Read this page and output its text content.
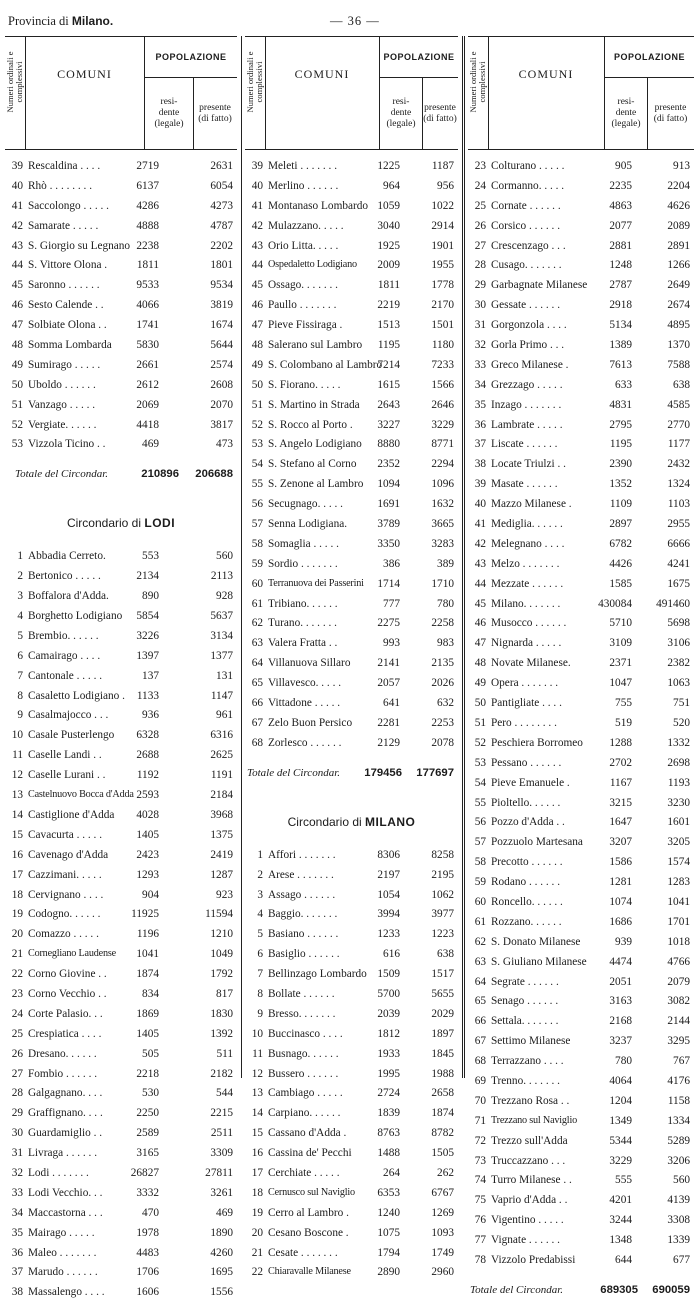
Provincia di Milano.	— 36 —
Numeri ordinali e complessivi	COMUNI
POPOLAZIONE
resi-
dente
(legale)
presente
(di fatto)
39 Rescaldina . . . .	2719	2631
40 Rhò . . . . . . . .	6137	6054
41 Saccolongo . . . . . 4286	4273
42 Samarate . . . . .	4888	4787
43 S. Giorgio su Legnano 2238	2202
44 S. Vittore Olona .	1811	1801
45 Saronno . . . . . .	9533	9534
46 Sesto Calende . .	4066	3819
47 Solbiate Olona . .	1741	1674
48 Somma Lombarda 5830	5644
49 Sumirago . . . . .	2661	2574
50 Uboldo . . . . . .	2612	2608
51 Vanzago . . . . .	2069	2070
52 Vergiate. . . . . .	4418	3817
53 Vizzola Ticino . .	469	473
Totale del Circondar.	210896 206688
Circondario di LODI
1 Abbadia Cerreto.	553	560
2 Bertonico . . . . .	2134	2113
3 Boffalora d'Adda.	890	928
4 Borghetto Lodigiano 5854	5637
5 Brembio. . . . . .	3226	3134
6 Camairago . . . .	1397	1377
7 Cantonale . . . . .	137	131
8 Casaletto Lodigiano . 1133	1147
9 Casalmajocco . . .	936	961
10 Casale Pusterlengo 6328	6316
11 Caselle Landi . .	2688	2625
12 Caselle Lurani . .	1192	1191
13 Castelnuovo Bocca d'Adda 2593	2184
14 Castiglione d'Adda 4028	3968
15 Cavacurta . . . . .	1405	1375
16 Cavenago d'Adda	2423	2419
17 Cazzimani. . . . .	1293	1287
18 Cervignano . . . .	904	923
19 Codogno. . . . . .	11925	11594
20 Comazzo . . . . .	1196	1210
21 Cornegliano Laudense 1041	1049
22 Corno Giovine . .	1874	1792
23 Corno Vecchio . .	834	817
24 Corte Palasio. . .	1869	1830
25 Crespiatica . . . .	1405	1392
26 Dresano. . . . . .	505	511
27 Fombio . . . . . .	2218	2182
28 Galgagnano. . . .	530	544
29 Graffignano. . . .	2250	2215
30 Guardamiglio . .	2589	2511
31 Livraga . . . . . .	3165	3309
32 Lodi . . . . . . .	26827	27811
33 Lodi Vecchio. . .	3332	3261
34 Maccastorna . . .	470	469
35 Mairago . . . . .	1978	1890
36 Maleo . . . . . . .	4483	4260
37 Marudo . . . . . .	1706	1695
38 Massalengo . . . .	1606	1556
Numeri ordinali e complessivi	COMUNI
POPOLAZIONE
resi-
dente
(legale)
presente
(di fatto)
39 Meleti . . . . . . .	1225	1187
40 Merlino . . . . . .	964	956
41 Montanaso Lombardo 1059	1022
42 Mulazzano. . . . .	3040	2914
43 Orio Litta. . . . .	1925	1901
44 Ospedaletto Lodigiano 2009	1955
45 Ossago. . . . . . .	1811	1778
46 Paullo . . . . . . .	2219	2170
47 Pieve Fissiraga .	1513	1501
48 Salerano sul Lambro 1195	1180
49 S. Colombano al Lambro
7214	7233
50 S. Fiorano. . . . .	1615	1566
51 S. Martino in Strada 2643	2646
52 S. Rocco al Porto . 3227	3229
53 S. Angelo Lodigiano 8880	8771
54 S. Stefano al Corno 2352	2294
55 S. Zenone al Lambro 1094	1096
56 Secugnago. . . . .	1691	1632
57 Senna Lodigiana.	3789	3665
58 Somaglia . . . . .	3350	3283
59 Sordio . . . . . . .	386	389
60 Terranuova dei Passerini 1714	1710
61 Tribiano. . . . . .	777	780
62 Turano. . . . . . .	2275	2258
63 Valera Fratta . .	993	983
64 Villanuova Sillaro 2141	2135
65 Villavesco. . . . .	2057	2026
66 Vittadone . . . . .	641	632
67 Zelo Buon Persico 2281	2253
68 Zorlesco . . . . . .	2129	2078
Totale del Circondar. 179456 177697
Circondario di MILANO
1 Affori . . . . . . .	8306	8258
2 Arese . . . . . . .	2197	2195
3 Assago . . . . . .	1054	1062
4 Baggio. . . . . . .	3994	3977
5 Basiano . . . . . .	1233	1223
6 Basiglio . . . . . .	616	638
7 Bellinzago Lombardo 1509	1517
8 Bollate . . . . . .	5700	5655
9 Bresso. . . . . . .	2039	2029
10 Buccinasco . . . .	1812	1897
11 Busnago. . . . . .	1933	1845
12 Bussero . . . . . .	1995	1988
13 Cambiago . . . . .	2724	2658
14 Carpiano. . . . . .	1839	1874
15 Cassano d'Adda .	8763	8782
16 Cassina de' Pecchi 1488	1505
17 Cerchiate . . . . .	264	262
18 Cernusco sul Naviglio 6353	6767
19 Cerro al Lambro .	1240	1269
20 Cesano Boscone .	1075	1093
21 Cesate . . . . . . .	1794	1749
22 Chiaravalle Milanese 2890	2960
Numeri ordinali e complessivi	COMUNI
POPOLAZIONE
resi-
dente
(legale)
presente
(di fatto)
23 Colturano . . . . .	905	913
24 Cormanno. . . . .	2235	2204
25 Cornate . . . . . .	4863	4626
26 Corsico . . . . . .	2077	2089
27 Crescenzago . . .	2881	2891
28 Cusago. . . . . . .	1248	1266
29 Garbagnate Milanese 2787	2649
30 Gessate . . . . . .	2918	2674
31 Gorgonzola . . . .	5134	4895
32 Gorla Primo . . .	1389	1370
33 Greco Milanese .	7613	7588
34 Grezzago . . . . .	633	638
35 Inzago . . . . . . .	4831	4585
36 Lambrate . . . . .	2795	2770
37 Liscate . . . . . .	1195	1177
38 Locate Triulzi . .	2390	2432
39 Masate . . . . . .	1352	1324
40 Mazzo Milanese .	1109	1103
41 Mediglia. . . . . .	2897	2955
42 Melegnano . . . .	6782	6666
43 Melzo . . . . . . .	4426	4241
44 Mezzate . . . . . .	1585	1675
45 Milano. . . . . . .	430084 491460
46 Musocco . . . . . .	5710	5698
47 Nignarda . . . . .	3109	3106
48 Novate Milanese.	2371	2382
49 Opera . . . . . . .	1047	1063
50 Pantigliate . . . .	755	751
51 Pero . . . . . . . .	519	520
52 Peschiera Borromeo 1288	1332
53 Pessano . . . . . .	2702	2698
54 Pieve Emanuele .	1167	1193
55 Pioltello. . . . . .	3215	3230
56 Pozzo d'Adda . .	1647	1601
57 Pozzuolo Martesana 3207	3205
58 Precotto . . . . . .	1586	1574
59 Rodano . . . . . .	1281	1283
60 Roncello. . . . . .	1074	1041
61 Rozzano. . . . . .	1686	1701
62 S. Donato Milanese	939	1018
63 S. Giuliano Milanese 4474	4766
64 Segrate . . . . . .	2051	2079
65 Senago . . . . . .	3163	3082
66 Settala. . . . . . .	2168	2144
67 Settimo Milanese	3237	3295
68 Terrazzano . . . .	780	767
69 Trenno. . . . . . .	4064	4176
70 Trezzano Rosa . .	1204	1158
71 Trezzano sul Naviglio	1349	1334
72 Trezzo sull'Adda	5344	5289
73 Truccazzano . . .	3229	3206
74 Turro Milanese . .	555	560
75 Vaprio d'Adda . .	4201	4139
76 Vigentino . . . . .	3244	3308
77 Vignate . . . . . .	1348	1339
78 Vizzolo Predabissi	644	677
Totale del Circondar.	689305 690059
